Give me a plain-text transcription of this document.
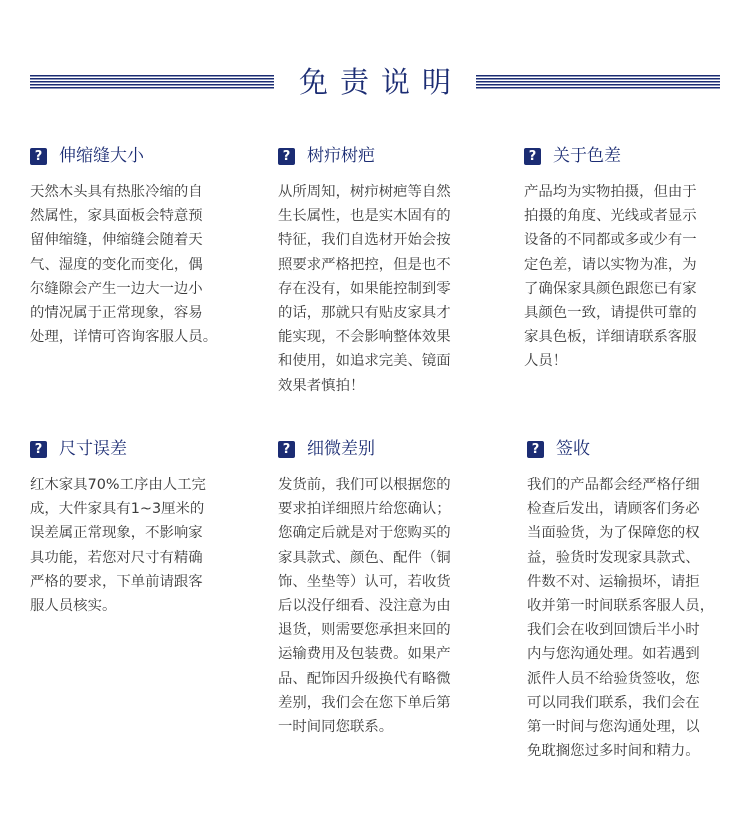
免责说明
? 伸缩缝大小
天然木头具有热胀冷缩的自
然属性，家具面板会特意预
留伸缩缝，伸缩缝会随着天
气、湿度的变化而变化，偶
尔缝隙会产生一边大一边小
的情况属于正常现象，容易
处理，详情可咨询客服人员。
? 树疖树疤
从所周知，树疖树疤等自然
生长属性，也是实木固有的
特征，我们自选材开始会按
照要求严格把控，但是也不
存在没有，如果能控制到零
的话，那就只有贴皮家具才
能实现，不会影响整体效果
和使用，如追求完美、镜面
效果者慎拍！
? 关于色差
产品均为实物拍摄，但由于
拍摄的角度、光线或者显示
设备的不同都或多或少有一
定色差，请以实物为准，为
了确保家具颜色跟您已有家
具颜色一致，请提供可靠的
家具色板，详细请联系客服
人员！
? 尺寸误差
红木家具70%工序由人工完
成，大件家具有1~3厘米的
误差属正常现象，不影响家
具功能，若您对尺寸有精确
严格的要求，下单前请跟客
服人员核实。
? 细微差别
发货前，我们可以根据您的
要求拍详细照片给您确认；
您确定后就是对于您购买的
家具款式、颜色、配件（铜
饰、坐垫等）认可，若收货
后以没仔细看、没注意为由
退货，则需要您承担来回的
运输费用及包装费。如果产
品、配饰因升级换代有略微
差别，我们会在您下单后第
一时间同您联系。
? 签收
我们的产品都会经严格仔细
检查后发出，请顾客们务必
当面验货，为了保障您的权
益，验货时发现家具款式、
件数不对、运输损坏，请拒
收并第一时间联系客服人员，
我们会在收到回馈后半小时
内与您沟通处理。如若遇到
派件人员不给验货签收，您
可以同我们联系，我们会在
第一时间与您沟通处理，以
免耽搁您过多时间和精力。
